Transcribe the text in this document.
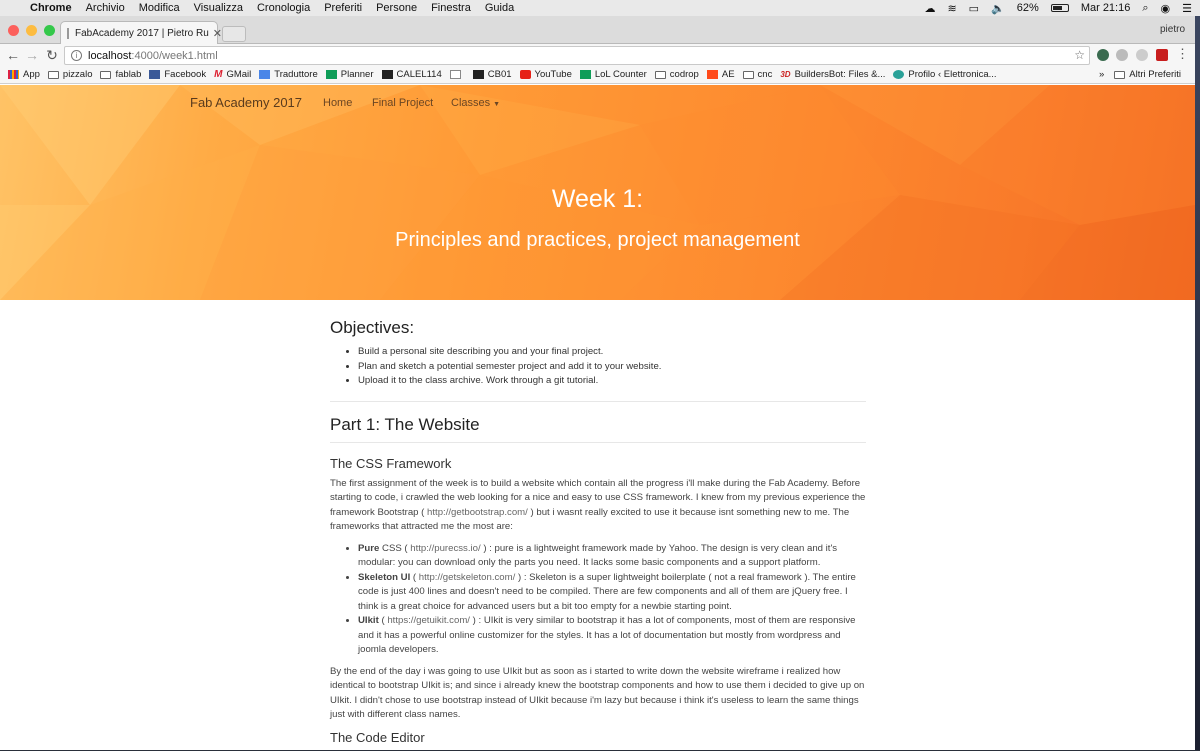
Chrome Archivio Modifica Visualizza Cronologia Preferiti Persone Finestra Guida	☁ ≋ ▭ 🔈 62%	Mar 21:16 ⌕ ◉ ☰
FabAcademy 2017 | Pietro Ru ✕	pietro
← → ↻	i localhost :4000/week1.html	☆	⋮
App pizzalo fablab Facebook M GMail Traduttore Planner CALEL114	CB01 YouTube LoL Counter codrop AE cnc 3D BuildersBot: Files &... Profilo ‹ Elettronica...	»	Altri Preferiti
Fab Academy 2017 Home Final Project Classes ▼
Week 1:
Principles and practices, project management
Objectives:
• Build a personal site describing you and your final project.
• Plan and sketch a potential semester project and add it to your website.
• Upload it to the class archive. Work through a git tutorial.
Part 1: The Website
The CSS Framework

The first assignment of the week is to build a website which contain all the progress i'll make during the Fab Academy. Before starting to code, i crawled the web looking for a nice and easy to use CSS framework. I knew from my previous experience the framework Bootstrap ( http://getbootstrap.com/ ) but i wasnt really excited to use it because isnt something new to me. The frameworks that attracted me the most are:

• Pure CSS ( http://purecss.io/ ) : pure is a lightweight framework made by Yahoo. The design is very clean and it's modular: you can download only the parts you need. It lacks some basic components and a support platform.
• Skeleton UI ( http://getskeleton.com/ ) : Skeleton is a super lightweight boilerplate ( not a real framework ). The entire code is just 400 lines and doesn't need to be compiled. There are few components and all of them are jQuery free. I think is a great choice for advanced users but a bit too empty for a newbie starting point.
• UIkit ( https://getuikit.com/ ) : UIkit is very similar to bootstrap it has a lot of components, most of them are responsive and it has a powerful online customizer for the styles. It has a lot of documentation but mostly from wordpress and joomla developers.

By the end of the day i was going to use UIkit but as soon as i started to write down the website wireframe i realized how identical to bootstrap UIkit is; and since i already knew the bootstrap components and how to use them i decided to give up on UIkit. I didn't chose to use bootstrap instead of UIkit because i'm lazy but because i think it's useless to learn the same things just with different class names.

The Code Editor
